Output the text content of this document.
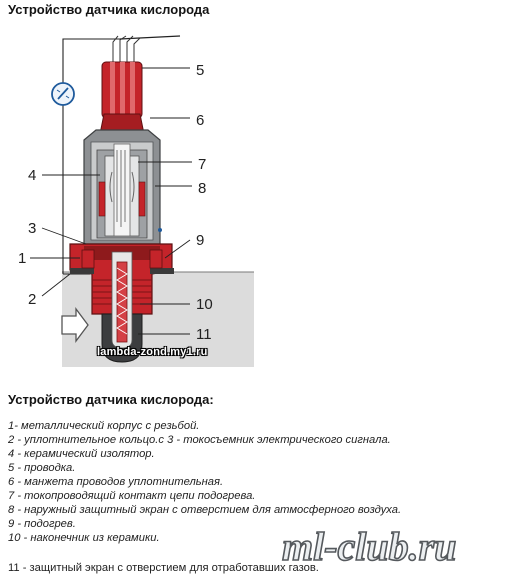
Устройство датчика кислорода
5
6
7
8
9
10
11
4
3
1
2
lambda-zond.my1.ru
Устройство датчика кислорода:
1- металлический корпус с резьбой.
2 - уплотнительное кольцо.с 3 - токосъемник электрического сигнала.
4 - керамический изолятор.
5 - проводка.
6 - манжета проводов уплотнительная.
7 - токопроводящий контакт цепи подогрева.
8 - наружный защитный экран с отверстием для атмосферного воздуха.
9 - подогрев.
10 - наконечник из керамики.
11 - защитный экран с отверстием для отработавших газов.
ml-club.ru
